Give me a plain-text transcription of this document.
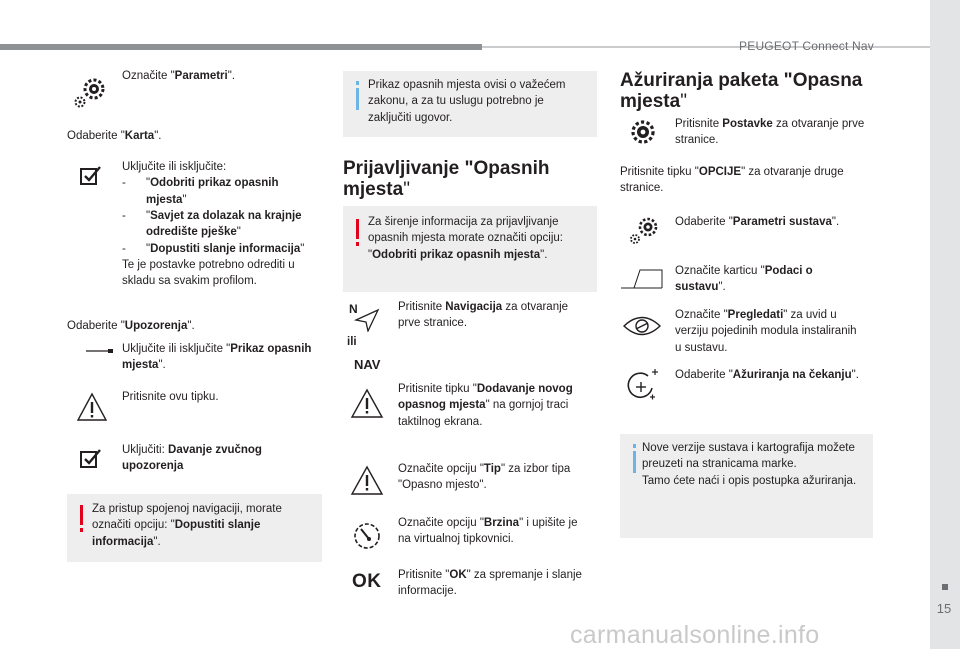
PEUGEOT Connect Nav
15
carmanualsonline.info
Označite "Parametri".
Odaberite "Karta".
Uključite ili isključite:
- "Odobriti prikaz opasnih mjesta"
- "Savjet za dolazak na krajnje odredište pješke"
- "Dopustiti slanje informacija"
Te je postavke potrebno odrediti u skladu sa svakim profilom.
Odaberite "Upozorenja".
Uključite ili isključite "Prikaz opasnih mjesta".
Pritisnite ovu tipku.
Uključiti: Davanje zvučnog upozorenja
Za pristup spojenoj navigaciji, morate označiti opciju: "Dopustiti slanje informacija".
Prikaz opasnih mjesta ovisi o važećem zakonu, a za tu uslugu potrebno je zaključiti ugovor.
Prijavljivanje "Opasnih mjesta"
Za širenje informacija za prijavljivanje opasnih mjesta morate označiti opciju: "Odobriti prikaz opasnih mjesta".
N
ili
NAV
Pritisnite Navigacija za otvaranje prve stranice.
Pritisnite tipku "Dodavanje novog opasnog mjesta" na gornjoj traci taktilnog ekrana.
Označite opciju "Tip" za izbor tipa "Opasno mjesto".
Označite opciju "Brzina" i upišite je na virtualnoj tipkovnici.
OK Pritisnite "OK" za spremanje i slanje informacije.
Ažuriranja paketa "Opasna mjesta"
Pritisnite Postavke za otvaranje prve stranice.
Pritisnite tipku "OPCIJE" za otvaranje druge stranice.
Odaberite "Parametri sustava".
Označite karticu "Podaci o sustavu".
Označite "Pregledati" za uvid u verziju pojedinih modula instaliranih u sustavu.
Odaberite "Ažuriranja na čekanju".
Nove verzije sustava i kartografija možete preuzeti na stranicama marke.
Tamo ćete naći i opis postupka ažuriranja.
